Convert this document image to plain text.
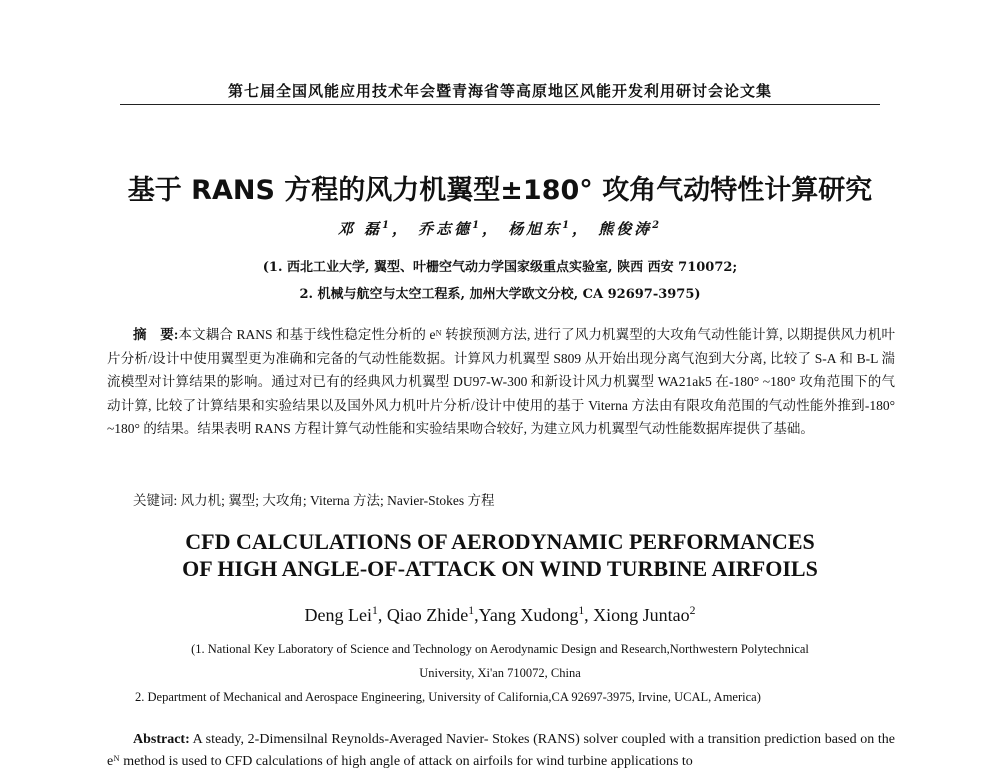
第七届全国风能应用技术年会暨青海省等高原地区风能开发利用研讨会论文集
基于 RANS 方程的风力机翼型±180° 攻角气动特性计算研究
邓 磊$^1$， 乔志德$^1$， 杨旭东$^1$， 熊俊涛$^2$
(1. 西北工业大学, 翼型、叶栅空气动力学国家级重点实验室, 陕西 西安 710072;
2. 机械与航空与太空工程系, 加州大学欧文分校, CA 92697-3975)
摘　要:本文耦合 RANS 和基于线性稳定性分析的 eᴺ 转捩预测方法, 进行了风力机翼型的大攻角气动性能计算, 以期提供风力机叶片分析/设计中使用翼型更为准确和完备的气动性能数据。计算风力机翼型 S809 从开始出现分离气泡到大分离, 比较了 S-A 和 B-L 湍流模型对计算结果的影响。通过对已有的经典风力机翼型 DU97-W-300 和新设计风力机翼型 WA21ak5 在-180° ~180° 攻角范围下的气动计算, 比较了计算结果和实验结果以及国外风力机叶片分析/设计中使用的基于 Viterna 方法由有限攻角范围的气动性能外推到-180° ~180° 的结果。结果表明 RANS 方程计算气动性能和实验结果吻合较好, 为建立风力机翼型气动性能数据库提供了基础。
关键词: 风力机; 翼型; 大攻角; Viterna 方法; Navier-Stokes 方程
CFD CALCULATIONS OF AERODYNAMIC PERFORMANCES
OF HIGH ANGLE-OF-ATTACK ON WIND TURBINE AIRFOILS
Deng Lei$^1$, Qiao Zhide$^1$,Yang Xudong$^1$, Xiong Juntao$^2$
(1. National Key Laboratory of Science and Technology on Aerodynamic Design and Research,Northwestern Polytechnical
University, Xi'an 710072, China
2. Department of Mechanical and Aerospace Engineering, University of California,CA 92697-3975, Irvine, UCAL, America)
Abstract: A steady, 2-Dimensilnal Reynolds-Averaged Navier- Stokes (RANS) solver coupled with a transition prediction based on the eᴺ method is used to CFD calculations of high angle of attack on airfoils for wind turbine applications to
